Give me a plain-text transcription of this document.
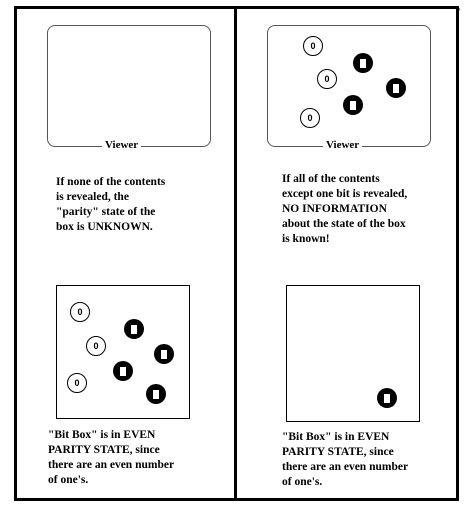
'
Viewer
If none of the contents
is revealed, the
"parity" state of the
box is UNKNOWN.
0
0
0
Viewer
If all of the contents
except one bit is revealed,
NO INFORMATION
about the state of the box
is known!
0
0
0
"Bit Box" is in EVEN
PARITY STATE, since
there are an even number
of one's.
"Bit Box" is in EVEN
PARITY STATE, since
there are an even number
of one's.
